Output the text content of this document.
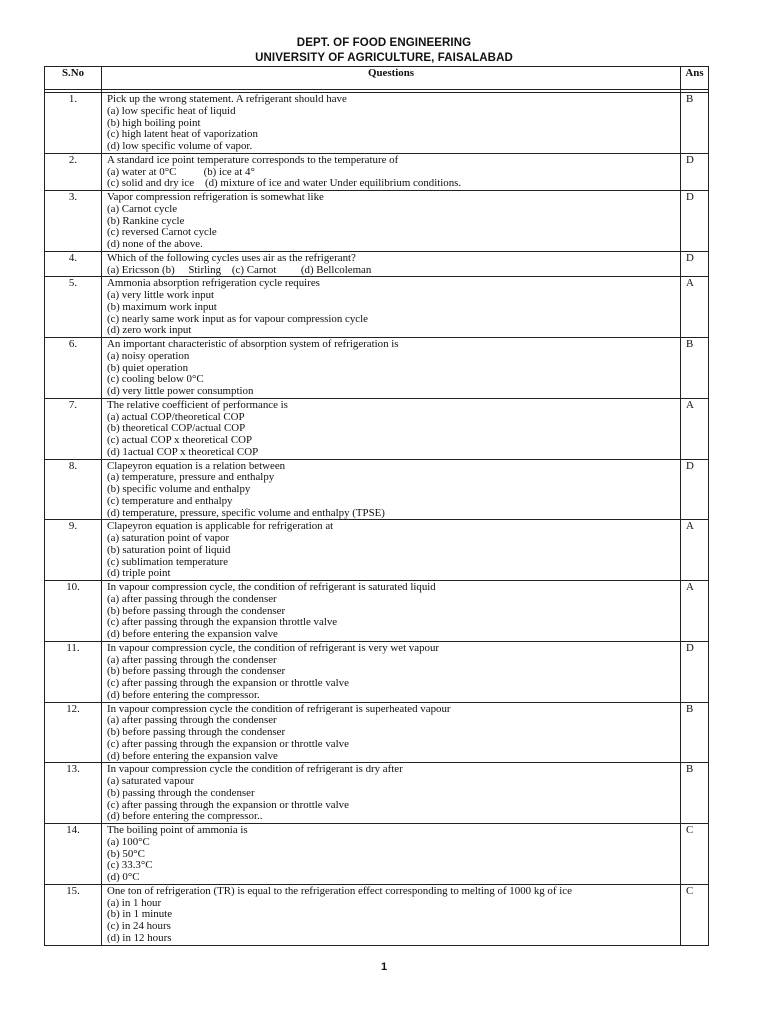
DEPT. OF FOOD ENGINEERING
UNIVERSITY OF AGRICULTURE, FAISALABAD
S.No	Questions	Ans

1.	Pick up the wrong statement. A refrigerant should have
(a) low specific heat of liquid
(b) high boiling point
(c) high latent heat of vaporization
(d) low specific volume of vapor.	B
2.	A standard ice point temperature corresponds to the temperature of
(a) water at 0°C          (b) ice at 4°
(c) solid and dry ice    (d) mixture of ice and water Under equilibrium conditions.	D
3.	Vapor compression refrigeration is somewhat like
(a) Carnot cycle
(b) Rankine cycle
(c) reversed Carnot cycle
(d) none of the above.	D
4.	Which of the following cycles uses air as the refrigerant?
(a) Ericsson (b)     Stirling    (c) Carnot         (d) Bellcoleman	D
5.	Ammonia absorption refrigeration cycle requires
(a) very little work input
(b) maximum work input
(c) nearly same work input as for vapour compression cycle
(d) zero work input	A
6.	An important characteristic of absorption system of refrigeration is
(a) noisy operation
(b) quiet operation
(c) cooling below 0°C
(d) very little power consumption	B
7.	The relative coefficient of performance is
(a) actual COP/theoretical COP
(b) theoretical COP/actual COP
(c) actual COP x theoretical COP
(d) 1actual COP x theoretical COP	A
8.	Clapeyron equation is a relation between
(a) temperature, pressure and enthalpy
(b) specific volume and enthalpy
(c) temperature and enthalpy
(d) temperature, pressure, specific volume and enthalpy (TPSE)	D
9.	Clapeyron equation is applicable for refrigeration at
(a) saturation point of vapor
(b) saturation point of liquid
(c) sublimation temperature
(d) triple point	A
10.	In vapour compression cycle, the condition of refrigerant is saturated liquid
(a) after passing through the condenser
(b) before passing through the condenser
(c) after passing through the expansion throttle valve
(d) before entering the expansion valve	A
11.	In vapour compression cycle, the condition of refrigerant is very wet vapour
(a) after passing through the condenser
(b) before passing through the condenser
(c) after passing through the expansion or throttle valve
(d) before entering the compressor.	D
12.	In vapour compression cycle the condition of refrigerant is superheated vapour
(a) after passing through the condenser
(b) before passing through the condenser
(c) after passing through the expansion or throttle valve
(d) before entering the expansion valve	B
13.	In vapour compression cycle the condition of refrigerant is dry after
(a) saturated vapour
(b) passing through the condenser
(c) after passing through the expansion or throttle valve
(d) before entering the compressor..	B
14.	The boiling point of ammonia is
(a) 100°C
(b) 50°C
(c) 33.3°C
(d) 0°C	C
15.	One ton of refrigeration (TR) is equal to the refrigeration effect corresponding to melting of 1000 kg of ice
(a) in 1 hour
(b) in 1 minute
(c) in 24 hours
(d) in 12 hours	C
1
